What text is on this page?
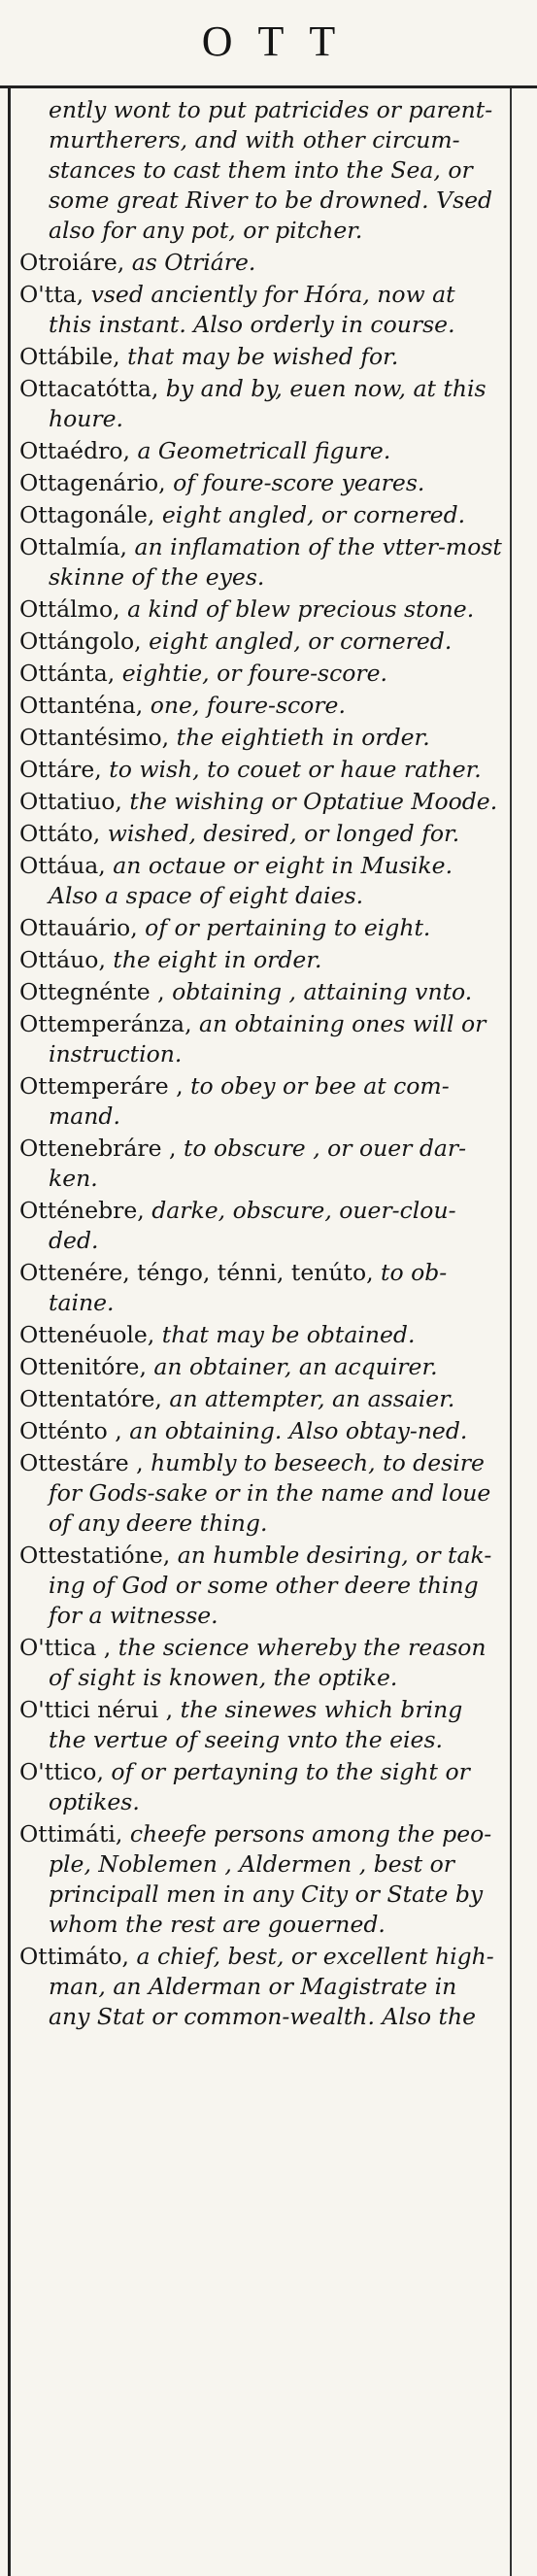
OTT

ently wont to put patricides or parent-murtherers, and with other circum-stances to cast them into the Sea, or some great River to be drowned. Vsed also for any pot, or pitcher.

Otroiáre, as Otriáre.

O'tta, vsed anciently for Hóra, now at this instant. Also orderly in course.

Ottábile, that may be wished for.

Ottacatótta, by and by, euen now, at this houre.

Ottaédro, a Geometricall figure.

Ottagenário, of foure-score yeares.

Ottagonále, eight angled, or cornered.

Ottalmía, an inflamation of the vtter-most skinne of the eyes.

Ottálmo, a kind of blew precious stone.

Ottángolo, eight angled, or cornered.

Ottánta, eightie, or foure-score.

Ottanténa, one, foure-score.

Ottantésimo, the eightieth in order.

Ottáre, to wish, to couet or haue rather.

Ottatiuo, the wishing or Optatiue Moode.

Ottáto, wished, desired, or longed for.

Ottáua, an octaue or eight in Musike. Also a space of eight daies.

Ottauário, of or pertaining to eight.

Ottáuo, the eight in order.

Ottegnénte , obtaining , attaining vnto.

Ottemperánza, an obtaining ones will or instruction.

Ottemperáre , to obey or bee at com-mand.

Ottenebráre , to obscure , or ouer dar-ken.

Otténebre, darke, obscure, ouer-clou-ded.

Ottenére, téngo, ténni, tenúto, to ob-taine.

Ottenéuole, that may be obtained.

Ottenitóre, an obtainer, an acquirer.

Ottentatóre, an attempter, an assaier.

Otténto , an obtaining. Also obtay-ned.

Ottestáre , humbly to beseech, to desire for Gods-sake or in the name and loue of any deere thing.

Ottestatióne, an humble desiring, or tak-ing of God or some other deere thing for a witnesse.

O'ttica , the science whereby the reason of sight is knowen, the optike.

O'ttici nérui , the sinewes which bring the vertue of seeing vnto the eies.

O'ttico, of or pertayning to the sight or optikes.

Ottimáti, cheefe persons among the peo-ple, Noblemen , Aldermen , best or principall men in any City or State by whom the rest are gouerned.

Ottimáto, a chief, best, or excellent high-man, an Alderman or Magistrate in any Stat or common-wealth. Also the
